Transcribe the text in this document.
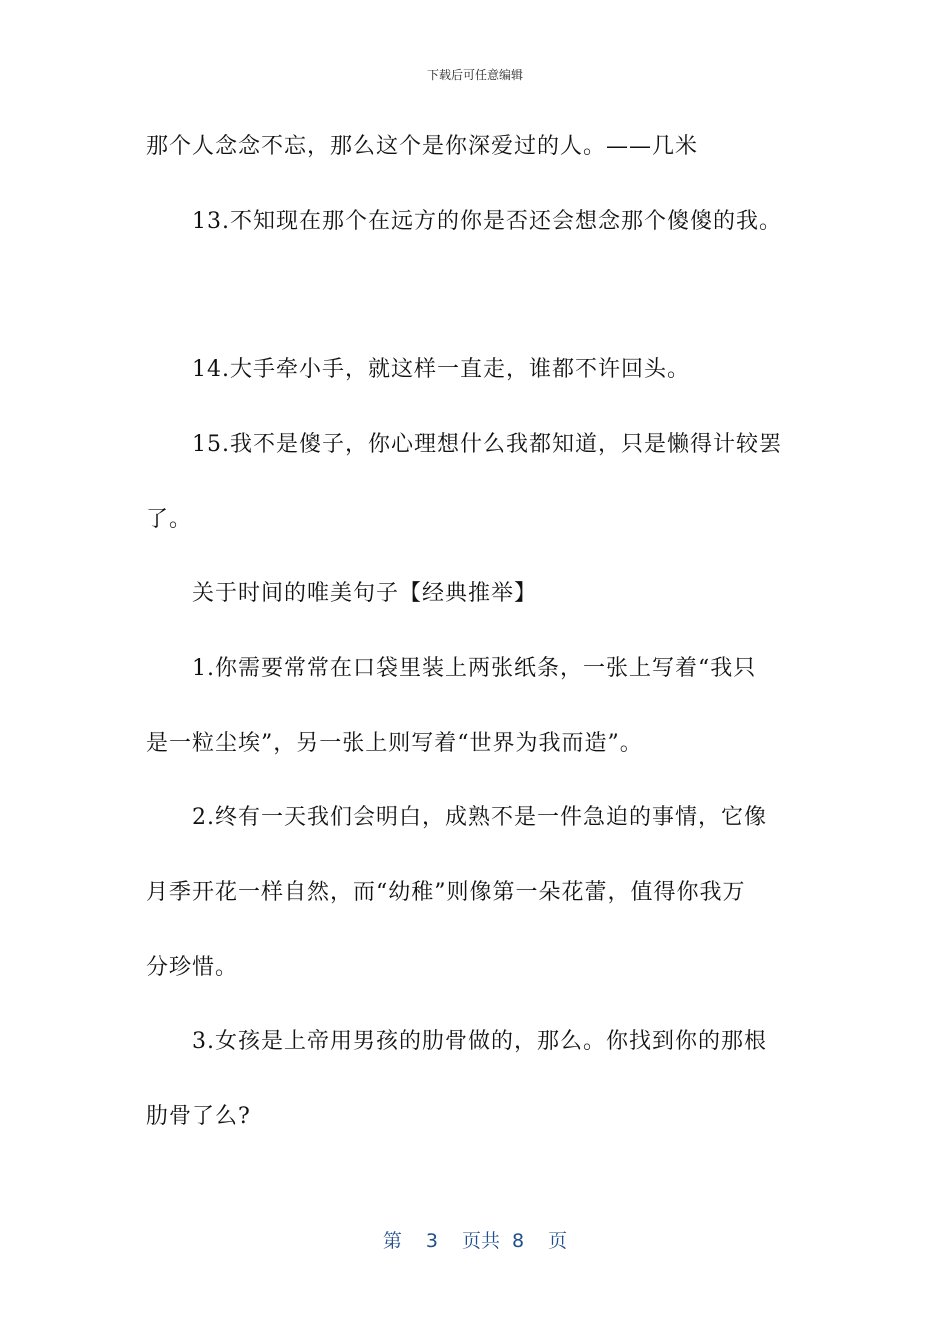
下载后可任意编辑
那个人念念不忘，那么这个是你深爱过的人。——几米
13.不知现在那个在远方的你是否还会想念那个傻傻的我。
14.大手牵小手，就这样一直走，谁都不许回头。
15.我不是傻子，你心理想什么我都知道，只是懒得计较罢
了。
关于时间的唯美句子【经典推举】
1.你需要常常在口袋里装上两张纸条，一张上写着“我只
是一粒尘埃”，另一张上则写着“世界为我而造”。
2.终有一天我们会明白，成熟不是一件急迫的事情，它像
月季开花一样自然，而“幼稚”则像第一朵花蕾，值得你我万
分珍惜。
3.女孩是上帝用男孩的肋骨做的，那么。你找到你的那根
肋骨了么?
第 3 页共 8 页
